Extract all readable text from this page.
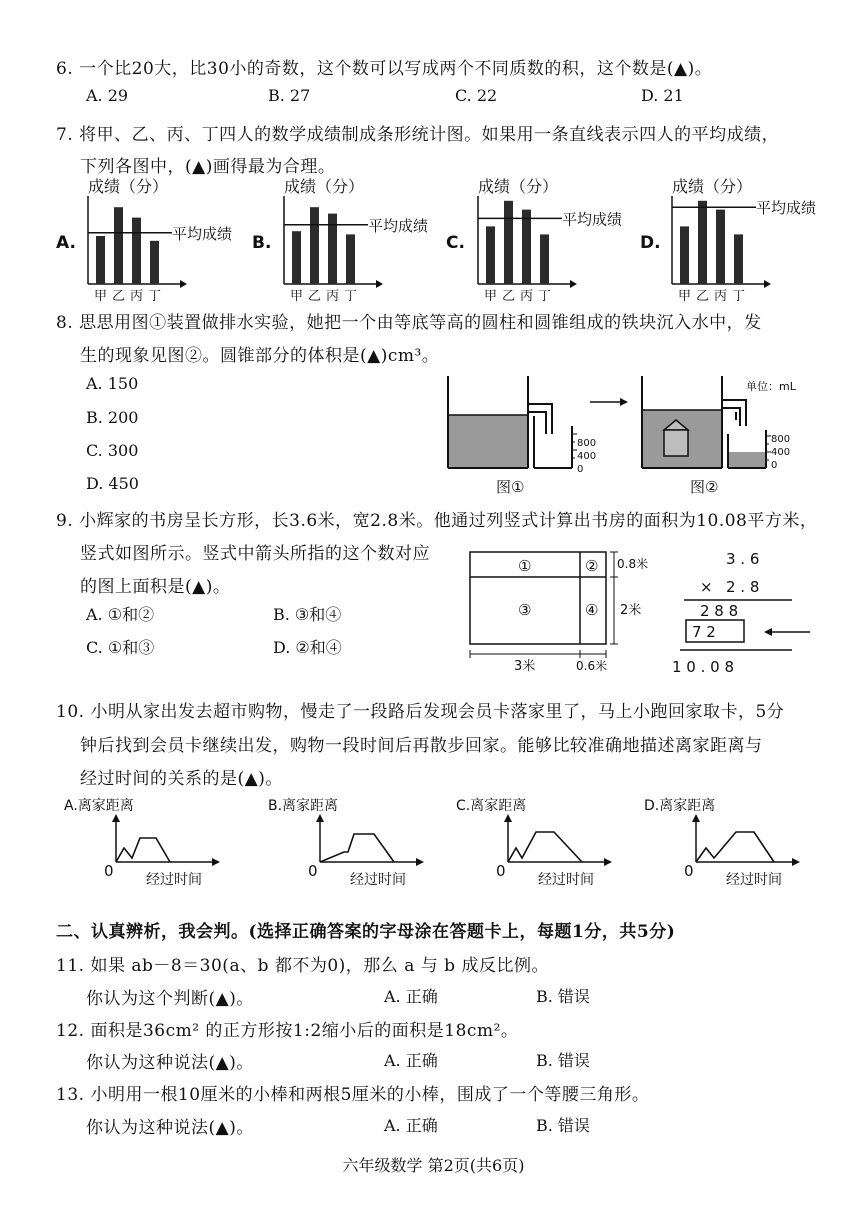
6. 一个比20大，比30小的奇数，这个数可以写成两个不同质数的积，这个数是(▲)。
A. 29	B. 27	C. 22	D. 21
7. 将甲、乙、丙、丁四人的数学成绩制成条形统计图。如果用一条直线表示四人的平均成绩，
下列各图中，(▲)画得最为合理。
A.
成绩（分）
甲 乙 丙 丁
平均成绩 B.
成绩（分）
甲 乙 丙 丁
平均成绩
C.
成绩（分）
甲 乙 丙 丁
平均成绩
D.
成绩（分）
甲 乙 丙 丁
平均成绩
8. 思思用图①装置做排水实验，她把一个由等底等高的圆柱和圆锥组成的铁块沉入水中，发
生的现象见图②。圆锥部分的体积是(▲)cm³。
A. 150
B. 200
C. 300
D. 450
800
400
0
图①
单位：mL
800
400
0
图②
9. 小辉家的书房呈长方形，长3.6米，宽2.8米。他通过列竖式计算出书房的面积为10.08平方米，
竖式如图所示。竖式中箭头所指的这个数对应
的图上面积是(▲)。
A. ①和②	B. ③和④
C. ①和③	D. ②和④
①	②
③	④
0.8米
2米
3米	0.6米
3 . 6
× 2 . 8
2 8 8
7 2
1 0 . 0 8
10. 小明从家出发去超市购物，慢走了一段路后发现会员卡落家里了，马上小跑回家取卡，5分
钟后找到会员卡继续出发，购物一段时间后再散步回家。能够比较准确地描述离家距离与
经过时间的关系的是(▲)。
A.离家距离
0 经过时间
B.离家距离
0 经过时间
C.离家距离
0 经过时间
D.离家距离
0 经过时间
二、认真辨析，我会判。(选择正确答案的字母涂在答题卡上，每题1分，共5分)
11. 如果 ab－8＝30(a、b 都不为0)，那么 a 与 b 成反比例。
你认为这个判断(▲)。	A. 正确	B. 错误
12. 面积是36cm² 的正方形按1:2缩小后的面积是18cm²。
你认为这种说法(▲)。	A. 正确	B. 错误
13. 小明用一根10厘米的小棒和两根5厘米的小棒，围成了一个等腰三角形。
你认为这种说法(▲)。	A. 正确	B. 错误
六年级数学 第2页(共6页)
